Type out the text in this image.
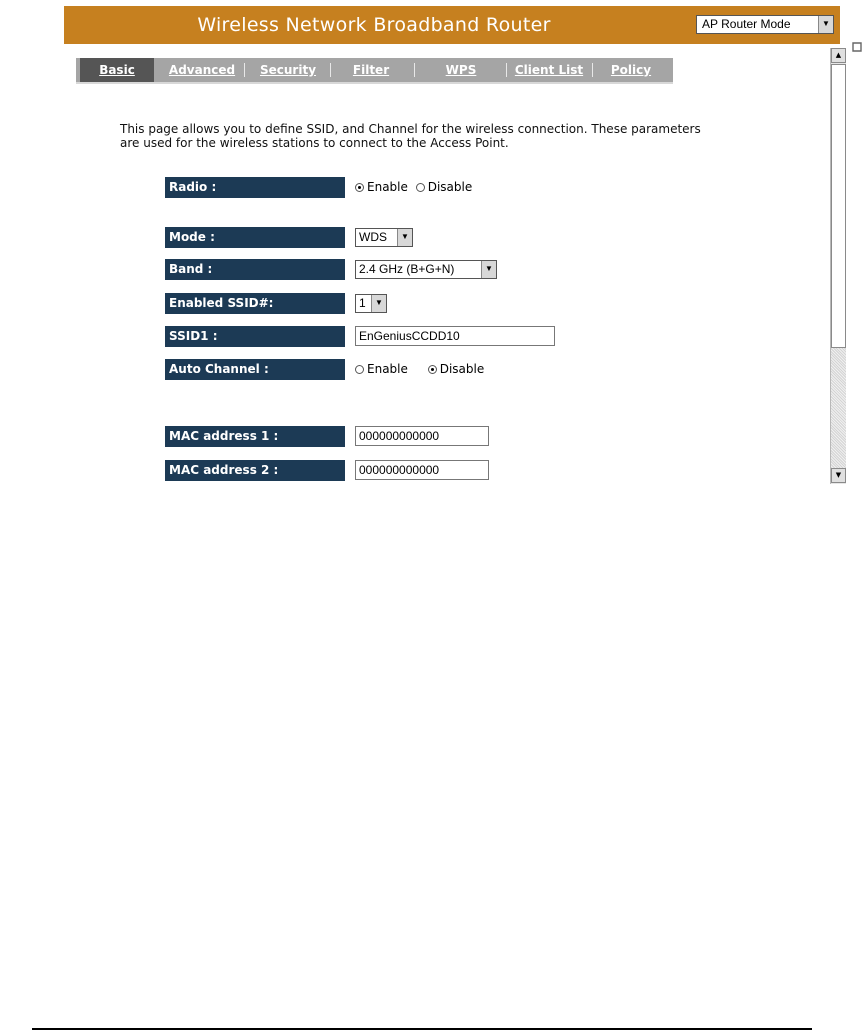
Wireless Network Broadband Router	AP Router Mode	▼
Basic	Advanced	Security	Filter	WPS	Client List	Policy
▲
▼
This page allows you to define SSID, and Channel for the wireless connection. These parameters are used for the wireless stations to connect to the Access Point.
Radio :	Enable Disable
Mode :	WDS	▼
Band :	2.4 GHz (B+G+N)	▼
Enabled SSID#:	1	▼
SSID1 :
EnGeniusCCDD10
Auto Channel :	Enable	Disable
MAC address 1 :
000000000000
MAC address 2 :
000000000000
